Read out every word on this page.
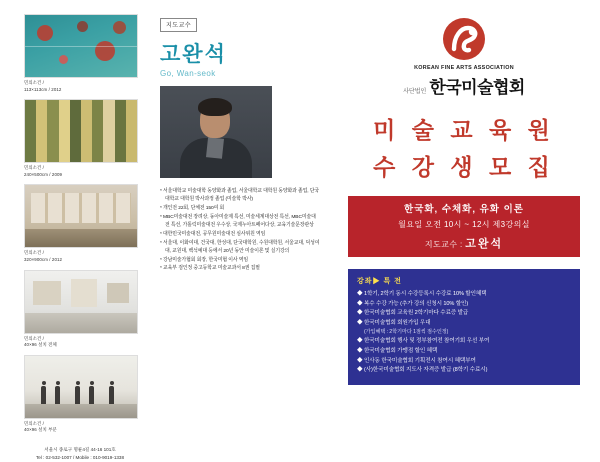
민의소건 /
113×113cm / 2012
민의소건 /
240×500cm / 2009
민의소건 /
320×900cm / 2012
민의소건 /
40×96 설치 전체
민의소건 /
40×96 설치 부분
서울시 종로구 명륜4길 44-16 101호
Tel : 02-532-1007 / Mobile : 010-9019-1338
지도교수
고완석
Go, Wan-seok
* 서울대학교 미술대학 동양화과 졸업, 서울대학교 대학원 동양화과 졸업, 단국대학교 대학원 박사과정 졸업 (미술학 박사)
* 개인전 22회, 단체전 150여 회
* MBC미술대전 장려상, 동아미술제 특선, 미술세계대상전 특선, MBC미술대전 특선, 가톨릭미술대전 우수상, 국제누아트페어다상, 교육기술문장관상
* 대한민국미술대전, 공무원미술대전 심사위원 역임
* 서울대, 이화여대, 건국대, 한성대, 단국대학원, 수원대학원, 서울교대, 덕성여대, 교원대, 백석예대 등에서 20년 동안 미술이론 및 실기강의
* 강남미술가협회 회장, 한국미협 이사 역임
* 교육부 검인정 중고등학교 미술교과서 8권 집필
KOREAN FINE ARTS ASSOCIATION
사단법인 한국미술협회
미 술 교 육 원
수 강 생 모 집
한국화, 수채화, 유화 이론
월요일 오전 10시 ~ 12시 제3강의실
지도교수 : 고완석
강좌▶ 특 전
◆ 1학기, 2학기 동시 수강등록시 수강료 10% 할인혜택
◆ 복수 수강 가능 (추가 강의 신청시 10% 할인)
◆ 한국미술협회 교육원 2학기마다 수료증 발급
◆ 한국미술협회 회원가입 우대
(가입혜택 : 2학기마다 1점씩 점수인정)
◆ 한국미술협회 행사 및 정부참여전 참여기회 우선 부여
◆ 한국미술협회 가맹점 할인 혜택
◆ 인사동 한국미술협회 기획전시 참여시 혜택부여
◆ (사)한국미술협회 지도사 자격증 발급 (8학기 수료시)
